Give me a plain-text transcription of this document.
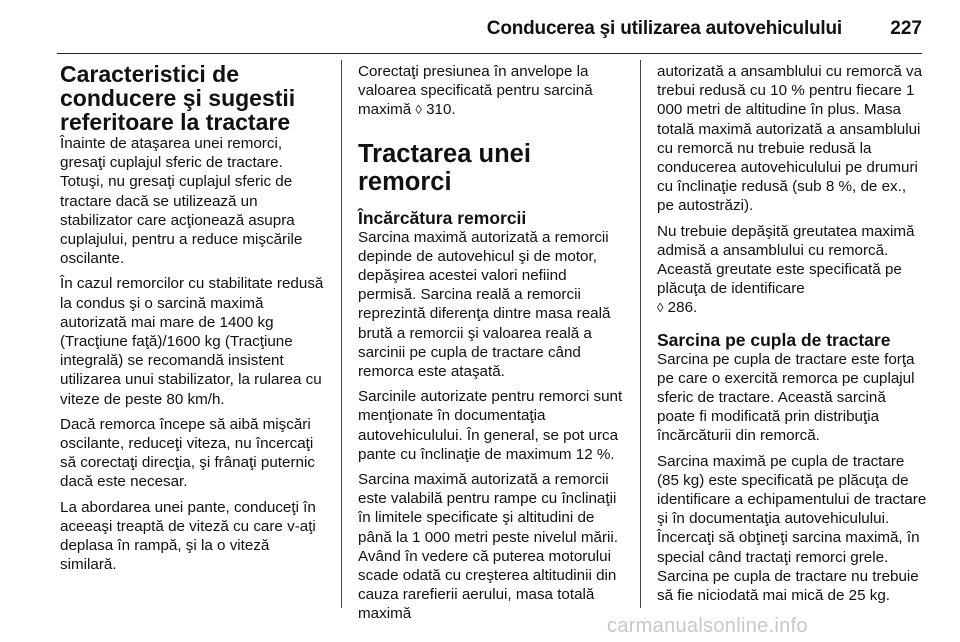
Conducerea şi utilizarea autovehiculului	227
Caracteristici de conducere şi sugestii referitoare la tractare

Înainte de ataşarea unei remorci, gresaţi cuplajul sferic de tractare. Totuşi, nu gresaţi cuplajul sferic de tractare dacă se utilizează un stabilizator care acţionează asupra cuplajului, pentru a reduce mişcările oscilante.

În cazul remorcilor cu stabilitate redusă la condus şi o sarcină maximă autorizată mai mare de 1400 kg (Tracţiune faţă)/1600 kg (Tracţiune integrală) se recomandă insistent utilizarea unui stabilizator, la rularea cu viteze de peste 80 km/h.

Dacă remorca începe să aibă mişcări oscilante, reduceţi viteza, nu încercaţi să corectaţi direcţia, şi frânaţi puternic dacă este necesar.

La abordarea unei pante, conduceţi în aceeaşi treaptă de viteză cu care v-aţi deplasa în rampă, şi la o viteză similară.

Corectaţi presiunea în anvelope la valoarea specificată pentru sarcină maximă ◊ 310.

Tractarea unei remorci
Încărcătura remorcii

Sarcina maximă autorizată a remorcii depinde de autovehicul şi de motor, depăşirea acestei valori nefiind permisă. Sarcina reală a remorcii reprezintă diferenţa dintre masa reală brută a remorcii şi valoarea reală a sarcinii pe cupla de tractare când remorca este ataşată.

Sarcinile autorizate pentru remorci sunt menţionate în documentaţia autovehiculului. În general, se pot urca pante cu înclinaţie de maximum 12 %.

Sarcina maximă autorizată a remorcii este valabilă pentru rampe cu înclinaţii în limitele specificate şi altitudini de până la 1 000 metri peste nivelul mării. Având în vedere că puterea motorului scade odată cu creşterea altitudinii din cauza rarefierii aerului, masa totală maximă

autorizată a ansamblului cu remorcă va trebui redusă cu 10 % pentru fiecare 1 000 metri de altitudine în plus. Masa totală maximă autorizată a ansamblului cu remorcă nu trebuie redusă la conducerea autovehiculului pe drumuri cu înclinaţie redusă (sub 8 %, de ex., pe autostrăzi).

Nu trebuie depăşită greutatea maximă admisă a ansamblului cu remorcă. Această greutate este specificată pe plăcuţa de identificare
◊ 286.

Sarcina pe cupla de tractare

Sarcina pe cupla de tractare este forţa pe care o exercită remorca pe cuplajul sferic de tractare. Această sarcină poate fi modificată prin distribuţia încărcăturii din remorcă.

Sarcina maximă pe cupla de tractare (85 kg) este specificată pe plăcuţa de identificare a echipamentului de tractare şi în documentaţia autovehiculului. Încercaţi să obţineţi sarcina maximă, în special când tractaţi remorci grele. Sarcina pe cupla de tractare nu trebuie să fie niciodată mai mică de 25 kg.

carmanualsonline.info
